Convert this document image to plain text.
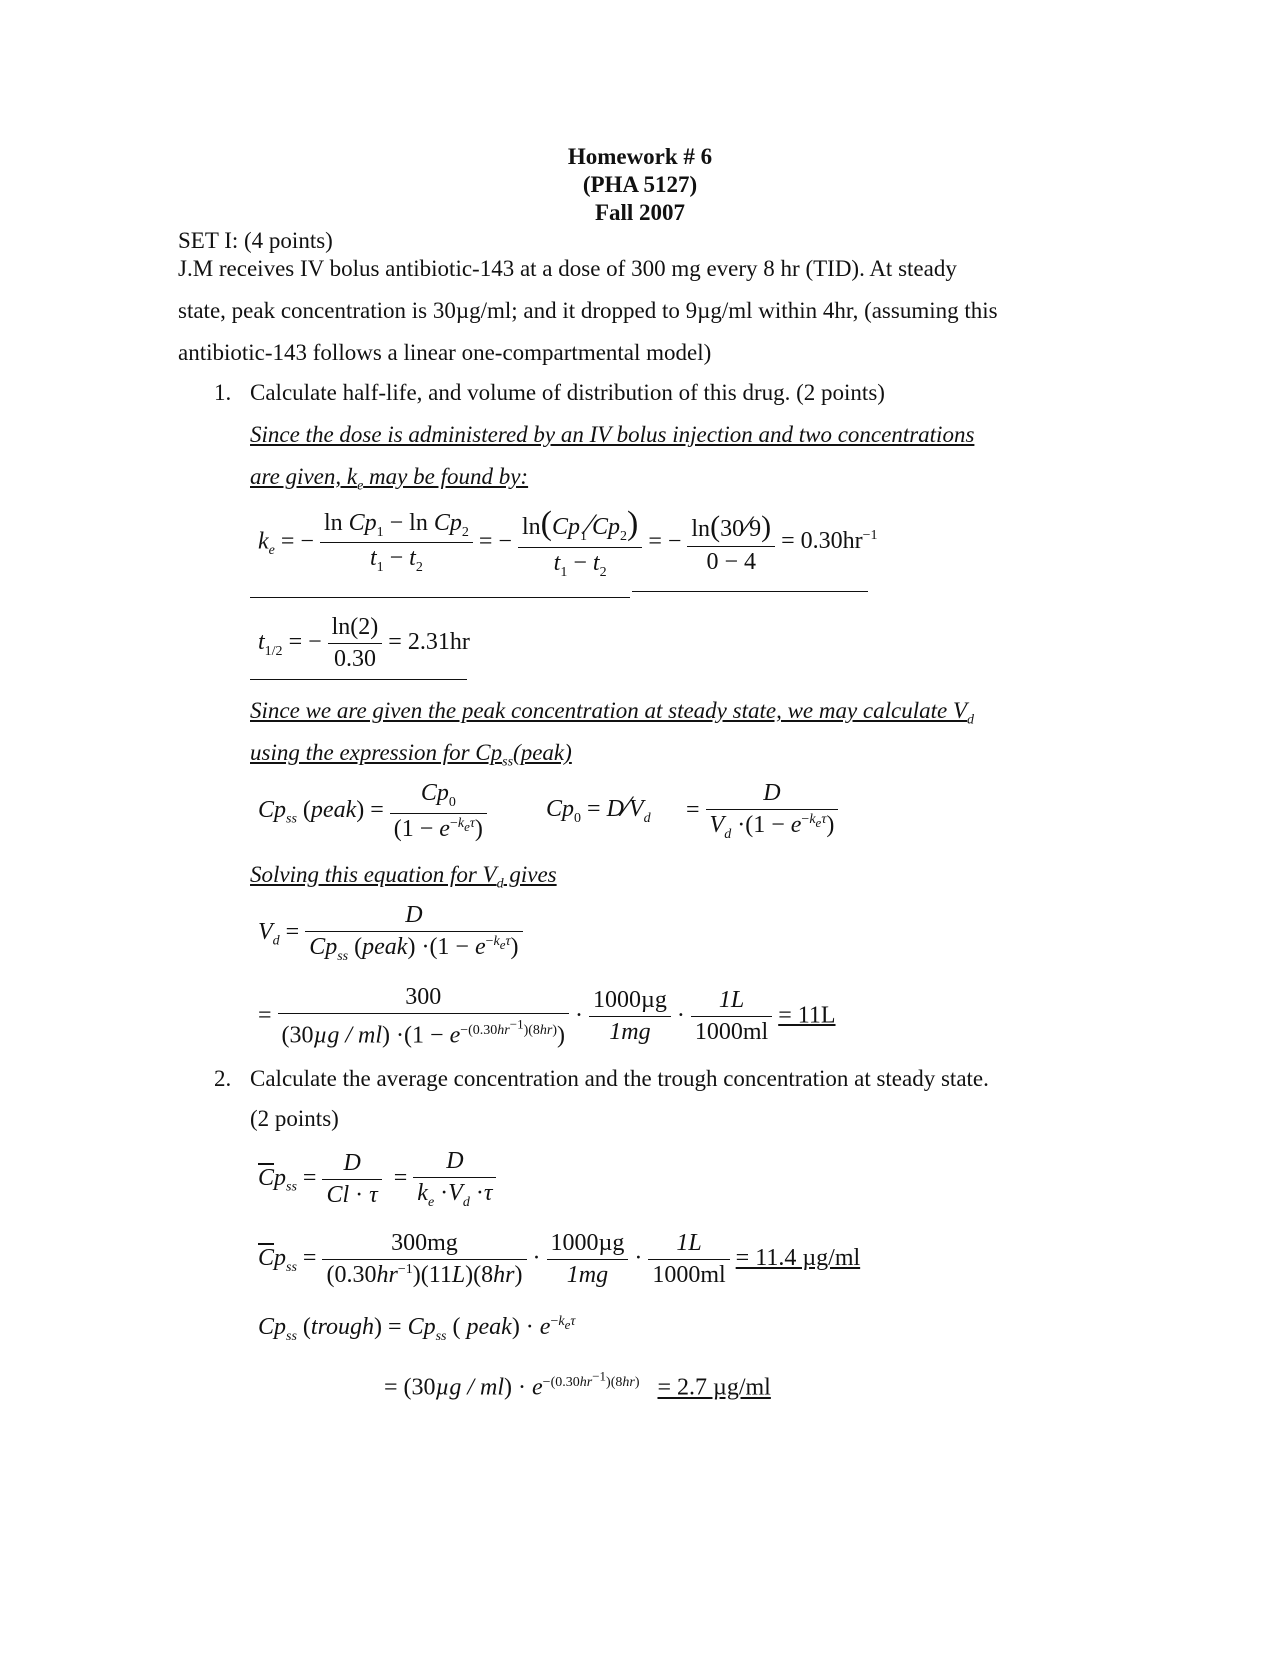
Homework # 6
(PHA 5127)
Fall 2007
SET I: (4 points)
J.M receives IV bolus antibiotic-143 at a dose of 300 mg every 8 hr (TID). At steady
state, peak concentration is 30µg/ml; and it dropped to 9µg/ml within 4hr, (assuming this
antibiotic-143 follows a linear one-compartmental model)
1. Calculate half-life, and volume of distribution of this drug. (2 points)
Since the dose is administered by an IV bolus injection and two concentrations
are given, $k_e$ may be found by:
$k_e$ = − $\frac{\ln Cp_1 - \ln Cp_2}{t_1 - t_2}$ = − $\frac{\ln(Cp_1⁄Cp_2)}{t_1 - t_2}$ = − $\frac{\ln(30⁄9)}{0 - 4} = 0.30hr^{-1}$
$t_{1/2}$ = − $\frac{\ln(2)}{0.30} = 2.31hr$
Since we are given the peak concentration at steady state, we may calculate $V_d$
using the expression for $Cp_{ss}(peak)$
$Cp_{ss}$ (peak) = $\frac{Cp_0}{(1 - e^{-k_e\tau})} Cp_0$ = $D⁄V_d = \frac{D}{V_d \cdot(1 - e^{-k_e\tau})}$
Solving this equation for $V_d$ gives
$V_d = \frac{D}{Cp_{ss} (peak) \cdot(1 - e^{-k_e\tau})}$
= $\frac{300}{(30\mu g / ml) \cdot(1 - e^{-(0.30hr^{-1})(8hr)})} \cdot \frac{\text{1000µg}}{1mg} \cdot \frac{1L}{1000ml} = 11L$
2. Calculate the average concentration and the trough concentration at steady state.
(2 points)
$\overline{C}p_{ss} = \frac{D}{Cl \cdot \tau} = \frac{D}{k_e \cdot V_d \cdot\tau}$
$\overline{C}p_{ss} = \frac{300mg}{(0.30hr^{-1})(11L)(8hr)} \cdot \frac{\text{1000µg}}{1mg} \cdot \frac{1L}{1000ml} = 11.4$ µg/ml
$Cp_{ss}$ (trough) = $Cp_{ss}$ ( peak) · $e^{-k_e\tau}$
= $(30\mu g / ml) \cdot e^{-(0.30hr^{-1})(8hr)} = 2.7$ µg/ml
